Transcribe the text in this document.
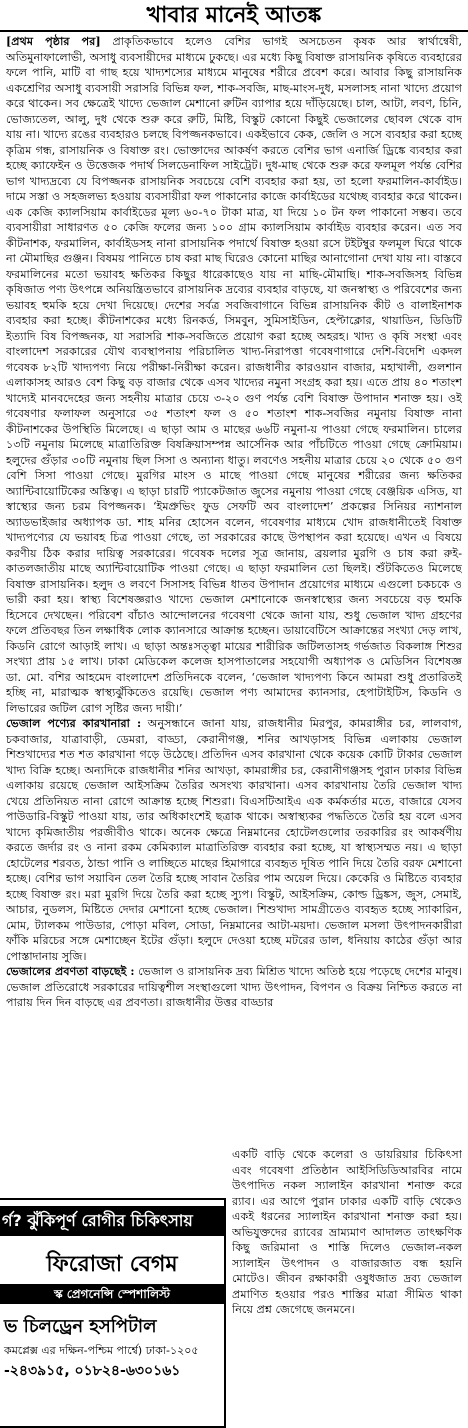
খাবার মানেই আতঙ্ক

[প্রথম পৃষ্ঠার পর] প্রাকৃতিকভাবে হলেও বেশির ভাগই অসচেতন কৃষক আর স্বার্থান্বেষী, অতিমুনাফালোভী, অসাধু ব্যবসায়ীদের মাধ্যমে ঢুকছে। এর মধ্যে কিছু বিষাক্ত রাসায়নিক কৃষিতে ব্যবহারের ফলে পানি, মাটি বা গাছ হয়ে খাদ্যশস্যের মাধ্যমে মানুষের শরীরে প্রবেশ করে। আবার কিছু রাসায়নিক একশ্রেণির অসাধু ব্যবসায়ী সরাসরি বিভিন্ন ফল, শাক-সবজি, মাছ-মাংস-দুধ, মসলাসহ নানা খাদ্যে প্রয়োগ করে থাকেন। সব ক্ষেত্রেই খাদ্যে ভেজাল মেশানো রুটিন ব্যাপার হয়ে দাঁড়িয়েছে। চাল, আটা, লবণ, চিনি, ভোজ্যতেল, আলু, দুধ থেকে শুরু করে রুটি, মিষ্টি, বিস্কুট কোনো কিছুই ভেজালের ছোবল থেকে বাদ যায় না। খাদ্যে রঙের ব্যবহারও চলছে বিপজ্জনকভাবে। একইভাবে কেক, জেলি ও সসে ব্যবহার করা হচ্ছে কৃত্রিম গন্ধ, রাসায়নিক ও বিষাক্ত রং। ভোক্তাদের আকর্ষণ করতে বেশির ভাগ এনার্জি ড্রিঙ্কে ব্যবহার করা হচ্ছে ক্যাফেইন ও উত্তেজক পদার্থ সিলডেনাফিল সাইট্রেট। দুধ-মাছ থেকে শুরু করে ফলমূল পর্যন্ত বেশির ভাগ খাদ্যদ্রব্যে যে বিপজ্জনক রাসায়নিক সবচেয়ে বেশি ব্যবহার করা হয়, তা হলো ফরমালিন-কার্বাইড। দামে সস্তা ও সহজলভ্য হওয়ায় ব্যবসায়ীরা ফল পাকানোর কাজে কার্বাইডের যথেচ্ছ ব্যবহার করে থাকেন। এক কেজি ক্যালসিয়াম কার্বাইডের মূল্য ৬০-৭০ টাকা মাত্র, যা দিয়ে ১০ টন ফল পাকানো সম্ভব। তবে ব্যবসায়ীরা সাধারণত ৫০ কেজি ফলের জন্য ১০০ গ্রাম ক্যালসিয়াম কার্বাইড ব্যবহার করেন। এত সব কীটনাশক, ফরমালিন, কার্বাইডসহ নানা রাসায়নিক পদার্থে বিষাক্ত হওয়া রসে টইটম্বুর ফলমূল ঘিরে থাকে না মৌমাছির গুঞ্জন। বিষময় পানিতে চাষ করা মাছ ঘিরেও কোনো মাছির আনাগোনা দেখা যায় না। বাস্তবে ফরমালিনের মতো ভয়াবহ ক্ষতিকর কিছুর ধারেকাছেও যায় না মাছি-মৌমাছি। শাক-সবজিসহ বিভিন্ন কৃষিজাত পণ্য উৎপন্নে অনিয়ন্ত্রিতভাবে রাসায়নিক দ্রব্যের ব্যবহার বাড়ছে, যা জনস্বাস্থ্য ও পরিবেশের জন্য ভয়াবহ হুমকি হয়ে দেখা দিয়েছে। দেশের সর্বত্র সবজিবাগানে বিভিন্ন রাসায়নিক কীট ও বালাইনাশক ব্যবহার করা হচ্ছে। কীটনাশকের মধ্যে রিনকর্ড, সিমবুন, সুমিসাইডিন, হেপ্টাক্লোর, থায়াডিন, ডিডিটি ইত্যাদি বিষ বিপজ্জনক, যা সরাসরি শাক-সবজিতে প্রয়োগ করা হচ্ছে অহরহ। খাদ্য ও কৃষি সংস্থা এবং বাংলাদেশ সরকারের যৌথ ব্যবস্থাপনায় পরিচালিত খাদ্য-নিরাপত্তা গবেষণাগারে দেশি-বিদেশি একদল গবেষক ৮২টি খাদ্যপণ্য নিয়ে পরীক্ষা-নিরীক্ষা করেন। রাজধানীর কারওয়ান বাজার, মহাখালী, গুলশান এলাকাসহ আরও বেশ কিছু বড় বাজার থেকে এসব খাদ্যের নমুনা সংগ্রহ করা হয়। এতে প্রায় ৪০ শতাংশ খাদ্যেই মানবদেহের জন্য সহনীয় মাত্রার চেয়ে ৩-২০ গুণ পর্যন্ত বেশি বিষাক্ত উপাদান শনাক্ত হয়। ওই গবেষণার ফলাফল অনুসারে ৩৫ শতাংশ ফল ও ৫০ শতাংশ শাক-সবজির নমুনায় বিষাক্ত নানা কীটনাশকের উপস্থিতি মিলেছে। এ ছাড়া আম ও মাছের ৬৬টি নমুনা-য় পাওয়া গেছে ফরমালিন। চালের ১৩টি নমুনায় মিলেছে মাত্রাতিরিক্ত বিষক্রিয়াসম্পন্ন আর্সেনিক আর পাঁচটিতে পাওয়া গেছে ক্রোমিয়াম। হলুদের গুঁড়ার ৩০টি নমুনায় ছিল সিসা ও অন্যান্য ধাতু। লবণেও সহনীয় মাত্রার চেয়ে ২০ থেকে ৫০ গুণ বেশি সিসা পাওয়া গেছে। মুরগির মাংস ও মাছে পাওয়া গেছে মানুষের শরীরের জন্য ক্ষতিকর অ্যান্টিবায়োটিকের অস্তিত্ব। এ ছাড়া চারটি প্যাকেটজাত জুসের নমুনায় পাওয়া গেছে বেঞ্জয়িক এসিড, যা স্বাস্থ্যের জন্য চরম বিপজ্জনক। ‘ইমপ্রুভিং ফুড সেফটি অব বাংলাদেশ’ প্রকল্পের সিনিয়র ন্যাশনাল অ্যাডভাইজার অধ্যাপক ডা. শাহ মনির হোসেন বলেন, গবেষণার মাধ্যমে খোদ রাজধানীতেই বিষাক্ত খাদ্যপণ্যের যে ভয়াবহ চিত্র পাওয়া গেছে, তা সরকারের কাছে উপস্থাপন করা হয়েছে। এখন এ বিষয়ে করণীয় ঠিক করার দায়িত্ব সরকারের। গবেষক দলের সূত্র জানায়, ব্রয়লার মুরগি ও চাষ করা রুই-কাতলজাতীয় মাছে অ্যান্টিবায়োটিক পাওয়া গেছে। এ ছাড়া ফরমালিন তো ছিলই। শুঁটকিতেও মিলেছে বিষাক্ত রাসায়নিক। হলুদ ও লবণে সিসাসহ বিভিন্ন ধাতব উপাদান প্রয়োগের মাধ্যমে এগুলো চকচকে ও ভারী করা হয়। স্বাস্থ্য বিশেষজ্ঞরাও খাদ্যে ভেজাল মেশানোকে জনস্বাস্থ্যের জন্য সবচেয়ে বড় হুমকি হিসেবে দেখছেন। পরিবেশ বাঁচাও আন্দোলনের গবেষণা থেকে জানা যায়, শুধু ভেজাল খাদ্য গ্রহণের ফলে প্রতিবছর তিন লক্ষাধিক লোক ক্যানসারে আক্রান্ত হচ্ছেন। ডায়াবেটিসে আক্রান্তের সংখ্যা দেড় লাখ, কিডনি রোগে আড়াই লাখ। এ ছাড়া অন্তঃসত্ত্বা মায়ের শারীরিক জটিলতাসহ গর্ভজাত বিকলাঙ্গ শিশুর সংখ্যা প্রায় ১৫ লাখ। ঢাকা মেডিকেল কলেজ হাসপাতালের সহযোগী অধ্যাপক ও মেডিসিন বিশেষজ্ঞ ডা. মো. বশির আহমেদ বাংলাদেশ প্রতিদিনকে বলেন, ‘ভেজাল খাদ্যপণ্য কিনে আমরা শুধু প্রতারিতই হচ্ছি না, মারাত্মক স্বাস্থ্যঝুঁকিতেও রয়েছি। ভেজাল পণ্য আমাদের ক্যানসার, হেপাটাইটিস, কিডনি ও লিভারের জটিল রোগ সৃষ্টির জন্য দায়ী।’

ভেজাল পণ্যের কারখানারা : অনুসন্ধানে জানা যায়, রাজধানীর মিরপুর, কামরাঙ্গীর চর, লালবাগ, চকবাজার, যাত্রাবাড়ী, ডেমরা, বাড্ডা, কেরানীগঞ্জ, শনির আখড়াসহ বিভিন্ন এলাকায় ভেজাল শিশুখাদ্যের শত শত কারখানা গড়ে উঠেছে। প্রতিদিন এসব কারখানা থেকে কয়েক কোটি টাকার ভেজাল খাদ্য বিক্রি হচ্ছে। অন্যদিকে রাজধানীর শনির আখড়া, কামরাঙ্গীর চর, কেরানীগঞ্জসহ পুরান ঢাকার বিভিন্ন এলাকায় রয়েছে ভেজাল আইসক্রিম তৈরির অসংখ্য কারখানা। এসব কারখানায় তৈরি ভেজাল খাদ্য খেয়ে প্রতিনিয়ত নানা রোগে আক্রান্ত হচ্ছে শিশুরা। বিএসটিআইএ এক কর্মকর্তার মতে, বাজারে যেসব পাউডারি-বিস্কুট পাওয়া যায়, তার অধিকাংশেই ছত্রাক থাকে। অস্বাস্থ্যকর পদ্ধতিতে তৈরি হয় বলে এসব খাদ্যে কৃমিজাতীয় পরজীবীও থাকে। অনেক ক্ষেত্রে নিম্নমানের হোটেলগুলোর তরকারির রং আকর্ষণীয় করতে জর্দার রং ও নানা রকম কেমিক্যাল মাত্রাতিরিক্ত ব্যবহার করা হচ্ছে, যা স্বাস্থ্যসম্মত নয়। এ ছাড়া হোটেলের শরবত, ঠান্ডা পানি ও লাচ্ছিতে মাছের হিমাগারে ব্যবহৃত দূষিত পানি দিয়ে তৈরি বরফ মেশানো হচ্ছে। বেশির ভাগ সয়াবিন তেল তৈরি হচ্ছে সাবান তৈরির পাম অয়েল দিয়ে। কেকেরি ও মিষ্টিতে ব্যবহার হচ্ছে বিষাক্ত রং। মরা মুরগি দিয়ে তৈরি করা হচ্ছে স্যুপ। বিস্কুট, আইসক্রিম, কোল্ড ড্রিঙ্কস, জুস, সেমাই, আচার, নুডলস, মিষ্টিতে দেদার মেশানো হচ্ছে ভেজাল। শিশুখাদ্য সামগ্রীতেও ব্যবহৃত হচ্ছে স্যাকারিন, মোম, ট্যালকম পাউডার, পোড়া মবিল, সোডা, নিম্নমানের আটা-ময়দা। ভেজাল মসলা উৎপাদনকারীরা ফাঁকি মরিচের সঙ্গে মেশাচ্ছেন ইটের গুঁড়া। হলুদে দেওয়া হচ্ছে মটরের ডাল, ধনিয়ায় কাঠের গুঁড়া আর পোস্তাদানায় সুজি।

ভেজালের প্রবণতা বাড়ছেই : ভেজাল ও রাসায়নিক দ্রব্য মিশ্রিত খাদ্যে অতিষ্ঠ হয়ে পড়েছে দেশের মানুষ। ভেজাল প্রতিরোধে সরকারের দায়িত্বশীল সংস্থাগুলো খাদ্য উৎপাদন, বিপণন ও বিক্রয় নিশ্চিত করতে না পারায় দিন দিন বাড়ছে এর প্রবণতা। রাজধানীর উত্তর বাড্ডার

একটি বাড়ি থেকে কলেরা ও ডায়রিয়ার চিকিৎসা এবং গবেষণা প্রতিষ্ঠান আইসিডিডিআরবির নামে উৎপাদিত নকল স্যালাইন কারখানা শনাক্ত করে র‌্যাব। এর আগে পুরান ঢাকার একটি বাড়ি থেকেও একই ধরনের স্যালাইন কারখানা শনাক্ত করা হয়। অভিযুক্তদের র‌্যাবের ভ্রাম্যমাণ আদালত তাৎক্ষণিক কিছু জরিমানা ও শাস্তি দিলেও ভেজাল-নকল স্যালাইন উৎপাদন ও বাজারজাত বন্ধ হয়নি মোটেও। জীবন রক্ষাকারী ওষুধজাত দ্রব্য ভেজাল প্রমাণিত হওয়ার পরও শাস্তির মাত্রা সীমিত থাকা নিয়ে প্রশ্ন জেগেছে জনমনে।
র্গ? ঝুঁকিপূর্ণ রোগীর চিকিৎসায়
ফিরোজা বেগম
স্ক প্রেগনেন্সি স্পেশালিস্ট
ভ চিলড্রেন হসপিটাল
কমপ্লেক্স এর দক্ষিন-পশ্চিম পার্শ্বে) ঢাকা-১২০৫
-২৪৩৯১৫, ০১৮২৪-৬৩০১৬১
